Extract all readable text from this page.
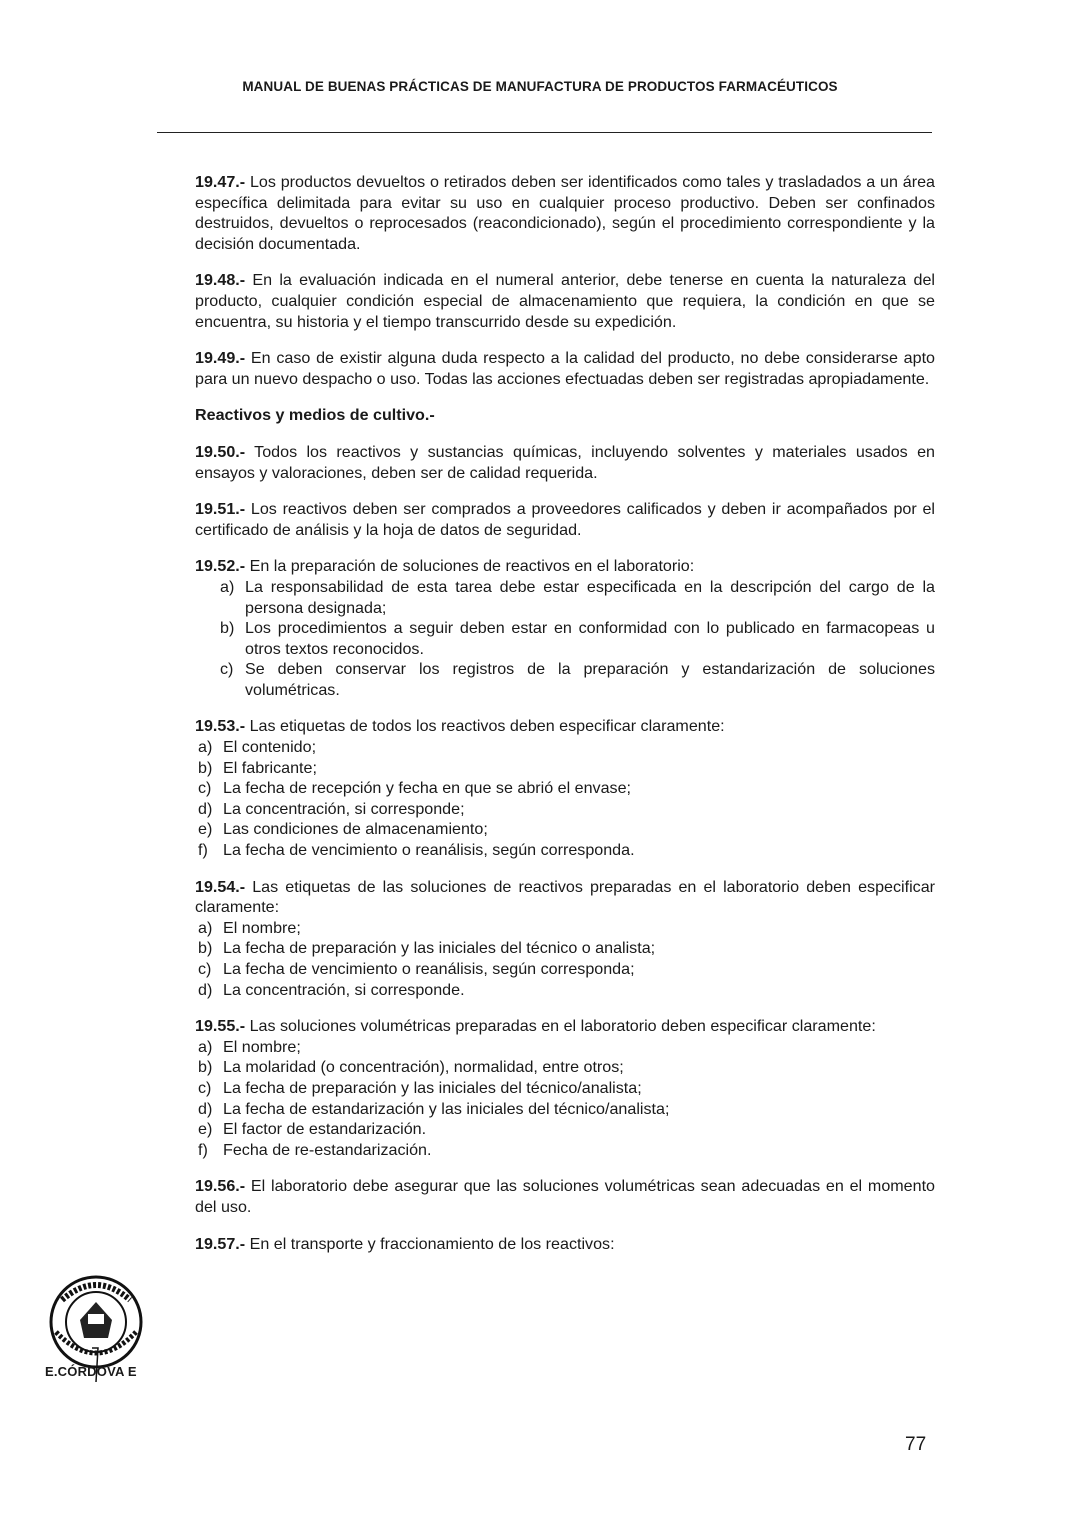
MANUAL DE BUENAS PRÁCTICAS DE MANUFACTURA DE PRODUCTOS FARMACÉUTICOS

19.47.- Los productos devueltos o retirados deben ser identificados como tales y trasladados a un área específica delimitada para evitar su uso en cualquier proceso productivo. Deben ser confinados destruidos, devueltos o reprocesados (reacondicionado), según el procedimiento correspondiente y la decisión documentada.

19.48.- En la evaluación indicada en el numeral anterior, debe tenerse en cuenta la naturaleza del producto, cualquier condición especial de almacenamiento que requiera, la condición en que se encuentra, su historia y el tiempo transcurrido desde su expedición.

19.49.- En caso de existir alguna duda respecto a la calidad del producto, no debe considerarse apto para un nuevo despacho o uso. Todas las acciones efectuadas deben ser registradas apropiadamente.

Reactivos y medios de cultivo.-

19.50.- Todos los reactivos y sustancias químicas, incluyendo solventes y materiales usados en ensayos y valoraciones, deben ser de calidad requerida.

19.51.- Los reactivos deben ser comprados a proveedores calificados y deben ir acompañados por el certificado de análisis y la hoja de datos de seguridad.

19.52.- En la preparación de soluciones de reactivos en el laboratorio:
a) La responsabilidad de esta tarea debe estar especificada en la descripción del cargo de la persona designada;
b) Los procedimientos a seguir deben estar en conformidad con lo publicado en farmacopeas u otros textos reconocidos.
c) Se deben conservar los registros de la preparación y estandarización de soluciones volumétricas.
19.53.- Las etiquetas de todos los reactivos deben especificar claramente:
a) El contenido;
b) El fabricante;
c) La fecha de recepción y fecha en que se abrió el envase;
d) La concentración, si corresponde;
e) Las condiciones de almacenamiento;
f) La fecha de vencimiento o reanálisis, según corresponda.
19.54.- Las etiquetas de las soluciones de reactivos preparadas en el laboratorio deben especificar claramente:
a) El nombre;
b) La fecha de preparación y las iniciales del técnico o analista;
c) La fecha de vencimiento o reanálisis, según corresponda;
d) La concentración, si corresponde.
19.55.- Las soluciones volumétricas preparadas en el laboratorio deben especificar claramente:
a) El nombre;
b) La molaridad (o concentración), normalidad, entre otros;
c) La fecha de preparación y las iniciales del técnico/analista;
d) La fecha de estandarización y las iniciales del técnico/analista;
e) El factor de estandarización.
f) Fecha de re-estandarización.

19.56.- El laboratorio debe asegurar que las soluciones volumétricas sean adecuadas en el momento del uso.

19.57.- En el transporte y fraccionamiento de los reactivos:

E.CÓRDOVA E
77
